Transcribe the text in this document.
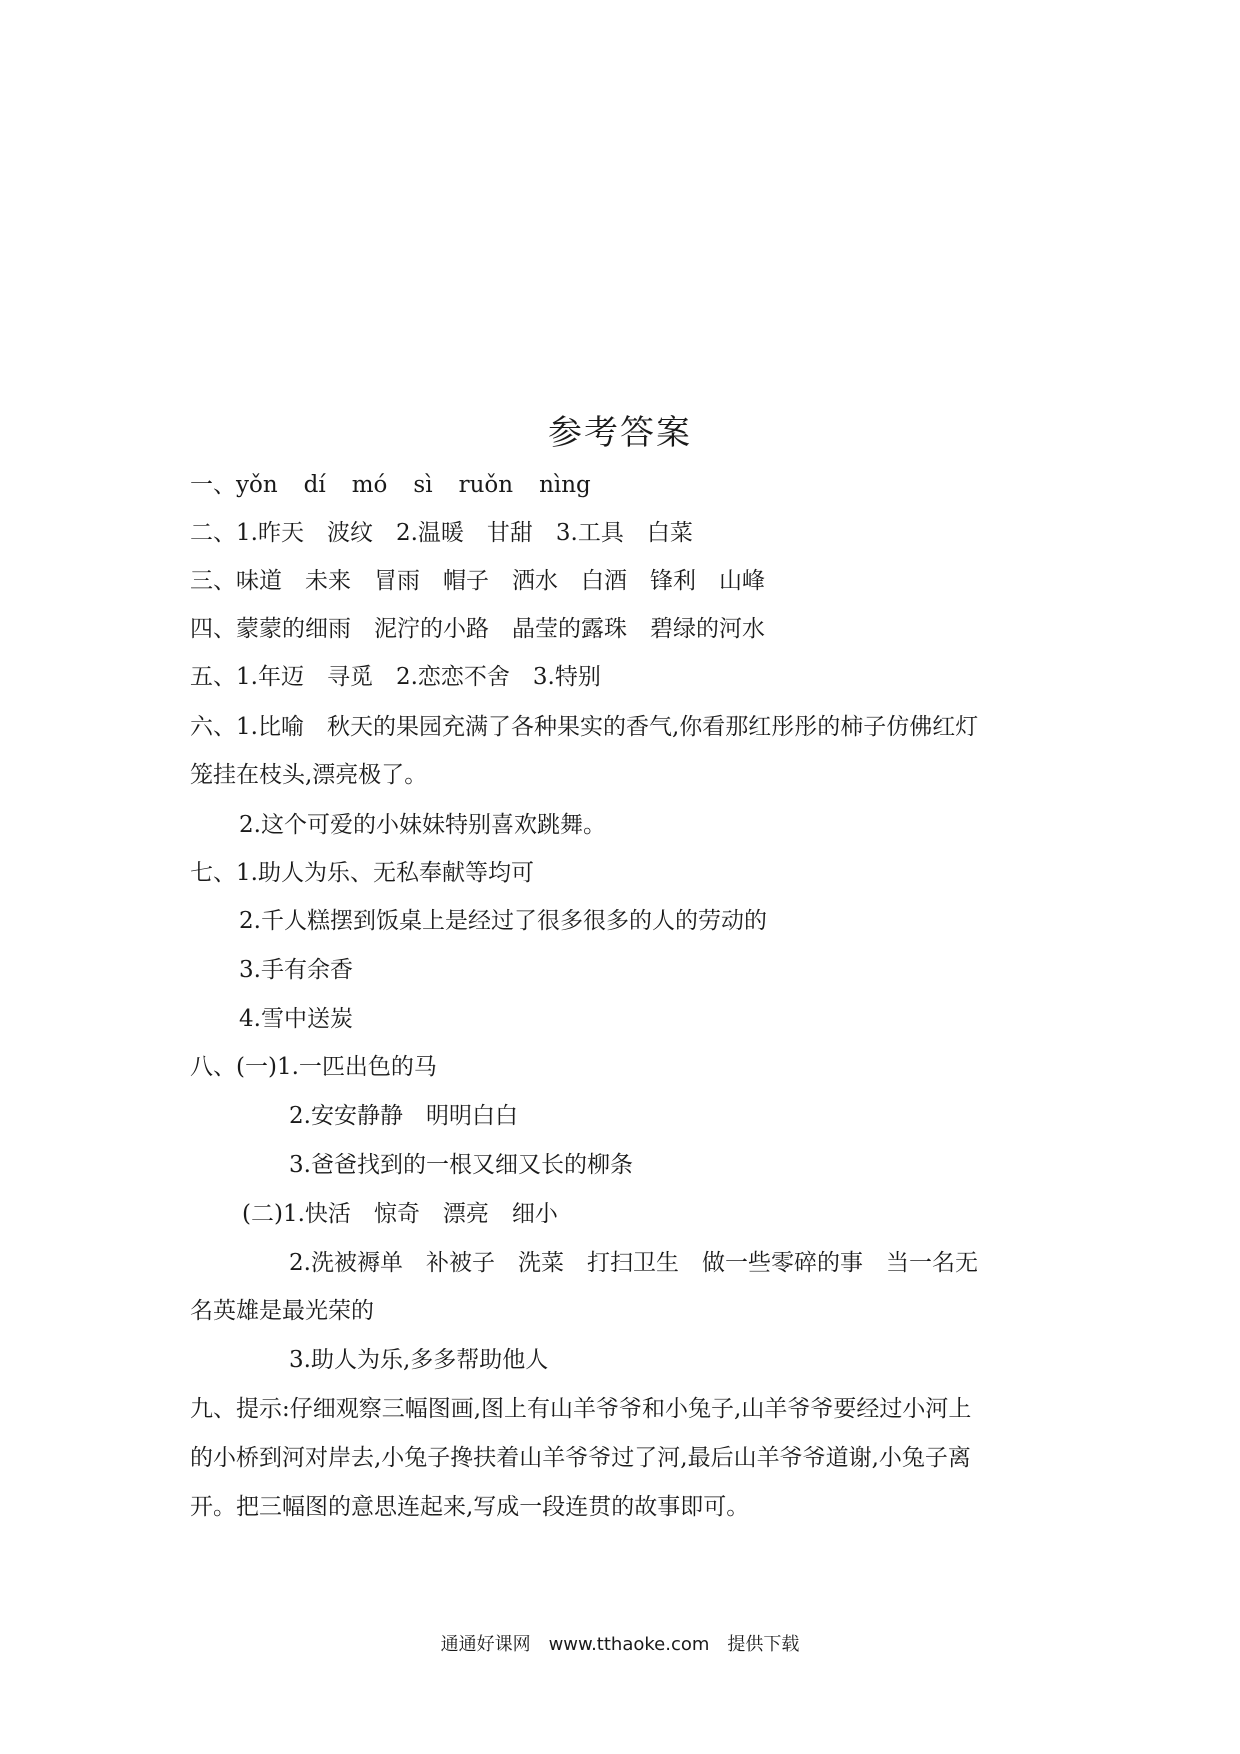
参考答案
一、yǒn dí mó sì ruǒn nìng
二、1.昨天　波纹　2.温暖　甘甜　3.工具　白菜
三、味道　未来　冒雨　帽子　洒水　白酒　锋利　山峰
四、蒙蒙的细雨　泥泞的小路　晶莹的露珠　碧绿的河水
五、1.年迈　寻觅　2.恋恋不舍　3.特别
六、1.比喻　秋天的果园充满了各种果实的香气,你看那红彤彤的柿子仿佛红灯
笼挂在枝头,漂亮极了。
2.这个可爱的小妹妹特别喜欢跳舞。
七、1.助人为乐、无私奉献等均可
2.千人糕摆到饭桌上是经过了很多很多的人的劳动的
3.手有余香
4.雪中送炭
八、(一)1.一匹出色的马
2.安安静静　明明白白
3.爸爸找到的一根又细又长的柳条
(二)1.快活　惊奇　漂亮　细小
2.洗被褥单　补被子　洗菜　打扫卫生　做一些零碎的事　当一名无
名英雄是最光荣的
3.助人为乐,多多帮助他人
九、提示:仔细观察三幅图画,图上有山羊爷爷和小兔子,山羊爷爷要经过小河上
的小桥到河对岸去,小兔子搀扶着山羊爷爷过了河,最后山羊爷爷道谢,小兔子离
开。把三幅图的意思连起来,写成一段连贯的故事即可。
通通好课网　www.tthaoke.com　提供下载
